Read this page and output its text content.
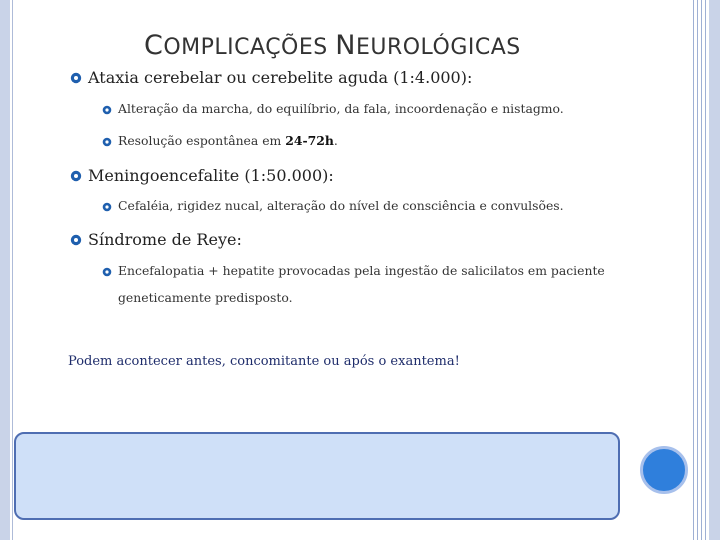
COMPLICAÇÕES NEUROLÓGICAS
Ataxia cerebelar ou cerebelite aguda (1:4.000):
Alteração da marcha, do equilíbrio, da fala, incoordenação e nistagmo.
Resolução espontânea em 24-72h.
Meningoencefalite (1:50.000):
Cefaléia, rigidez nucal, alteração do nível de consciência e convulsões.
Síndrome de Reye:
Encefalopatia + hepatite provocadas pela ingestão de salicilatos em paciente
geneticamente predisposto.
Podem acontecer antes, concomitante ou após o exantema!
